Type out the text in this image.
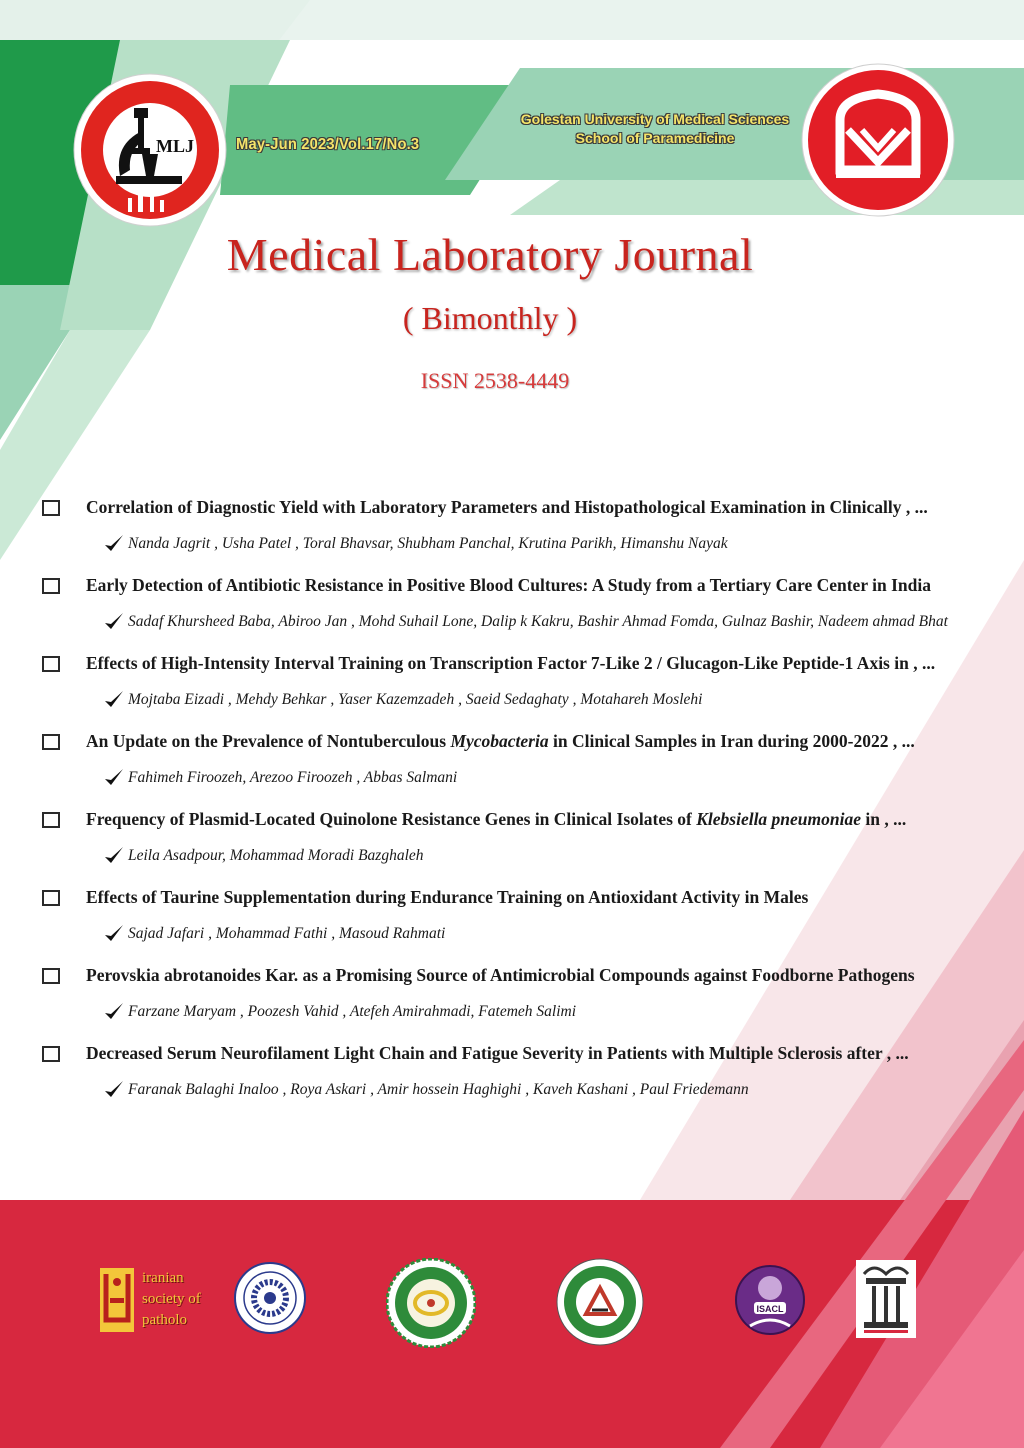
MLJ	May-Jun 2023/Vol.17/No.3
Golestan University of Medical Sciences
School of Paramedicine
Medical Laboratory Journal
( Bimonthly )
ISSN 2538-4449
Correlation of Diagnostic Yield with Laboratory Parameters and Histopathological Examination in Clinically , ...
Nanda Jagrit , Usha Patel , Toral Bhavsar, Shubham Panchal, Krutina Parikh, Himanshu Nayak
Early Detection of Antibiotic Resistance in Positive Blood Cultures: A Study from a Tertiary Care Center in India
Sadaf Khursheed Baba, Abiroo Jan , Mohd Suhail Lone, Dalip k Kakru, Bashir Ahmad Fomda, Gulnaz Bashir, Nadeem ahmad Bhat
Effects of High-Intensity Interval Training on Transcription Factor 7-Like 2 / Glucagon-Like Peptide-1 Axis in , ...
Mojtaba Eizadi , Mehdy Behkar , Yaser Kazemzadeh , Saeid Sedaghaty , Motahareh Moslehi
An Update on the Prevalence of Nontuberculous Mycobacteria in Clinical Samples in Iran during 2000-2022 , ...
Fahimeh Firoozeh, Arezoo Firoozeh , Abbas Salmani
Frequency of Plasmid-Located Quinolone Resistance Genes in Clinical Isolates of Klebsiella pneumoniae in , ...
Leila Asadpour, Mohammad Moradi Bazghaleh
Effects of Taurine Supplementation during Endurance Training on Antioxidant Activity in Males
Sajad Jafari , Mohammad Fathi , Masoud Rahmati
Perovskia abrotanoides Kar. as a Promising Source of Antimicrobial Compounds against Foodborne Pathogens
Farzane Maryam , Poozesh Vahid , Atefeh Amirahmadi, Fatemeh Salimi
Decreased Serum Neurofilament Light Chain and Fatigue Severity in Patients with Multiple Sclerosis after , ...
Faranak Balaghi Inaloo , Roya Askari , Amir hossein Haghighi , Kaveh Kashani , Paul Friedemann
iranian
society of
patholo
ISACL
